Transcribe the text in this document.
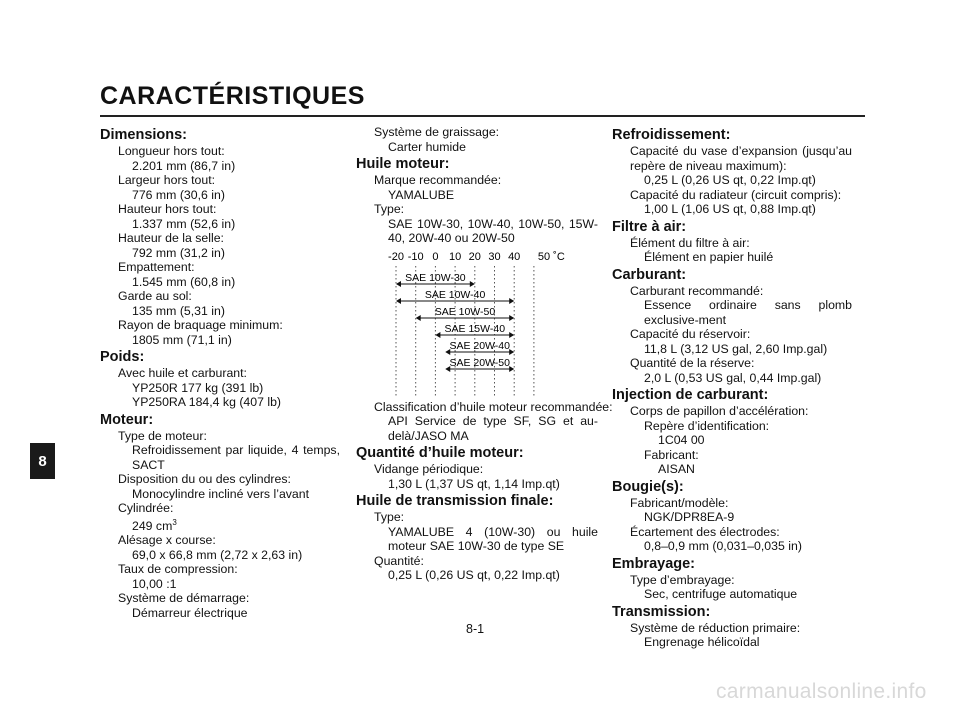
CARACTÉRISTIQUES
8
Dimensions:
Longueur hors tout:
2.201 mm (86,7 in)
Largeur hors tout:
776 mm (30,6 in)
Hauteur hors tout:
1.337 mm (52,6 in)
Hauteur de la selle:
792 mm (31,2 in)
Empattement:
1.545 mm (60,8 in)
Garde au sol:
135 mm (5,31 in)
Rayon de braquage minimum:
1805 mm (71,1 in)
Poids:
Avec huile et carburant:
YP250R 177 kg (391 lb)
YP250RA 184,4 kg (407 lb)
Moteur:
Type de moteur:
Refroidissement par liquide, 4 temps, SACT
Disposition du ou des cylindres:
Monocylindre incliné vers l’avant
Cylindrée:
249 $cm^3$
Alésage x course:
69,0 x 66,8 mm (2,72 x 2,63 in)
Taux de compression:
10,00 :1
Système de démarrage:
Démarreur électrique
Système de graissage:
Carter humide
Huile moteur:
Marque recommandée:
YAMALUBE
Type:
SAE 10W-30, 10W-40, 10W-50, 15W-40, 20W-40 ou 20W-50
-20 -10 0 10 20 30 40 50 ˚C
SAE 10W-30
SAE 10W-40
SAE 10W-50
SAE 15W-40
SAE 20W-40
SAE 20W-50
Classification d’huile moteur recommandée:
API Service de type SF, SG et au-delà/JASO MA
Quantité d’huile moteur:
Vidange périodique:
1,30 L (1,37 US qt, 1,14 Imp.qt)
Huile de transmission finale:
Type:
YAMALUBE 4 (10W-30) ou huile moteur SAE 10W-30 de type SE
Quantité:
0,25 L (0,26 US qt, 0,22 Imp.qt)
Refroidissement:
Capacité du vase d’expansion (jusqu’au repère de niveau maximum):
0,25 L (0,26 US qt, 0,22 Imp.qt)
Capacité du radiateur (circuit compris):
1,00 L (1,06 US qt, 0,88 Imp.qt)
Filtre à air:
Élément du filtre à air:
Élément en papier huilé
Carburant:
Carburant recommandé:
Essence ordinaire sans plomb exclusive-ment
Capacité du réservoir:
11,8 L (3,12 US gal, 2,60 Imp.gal)
Quantité de la réserve:
2,0 L (0,53 US gal, 0,44 Imp.gal)
Injection de carburant:
Corps de papillon d’accélération:
Repère d’identification:
1C04 00
Fabricant:
AISAN
Bougie(s):
Fabricant/modèle:
NGK/DPR8EA-9
Écartement des électrodes:
0,8–0,9 mm (0,031–0,035 in)
Embrayage:
Type d’embrayage:
Sec, centrifuge automatique
Transmission:
Système de réduction primaire:
Engrenage hélicoïdal
8-1
carmanualsonline.info
